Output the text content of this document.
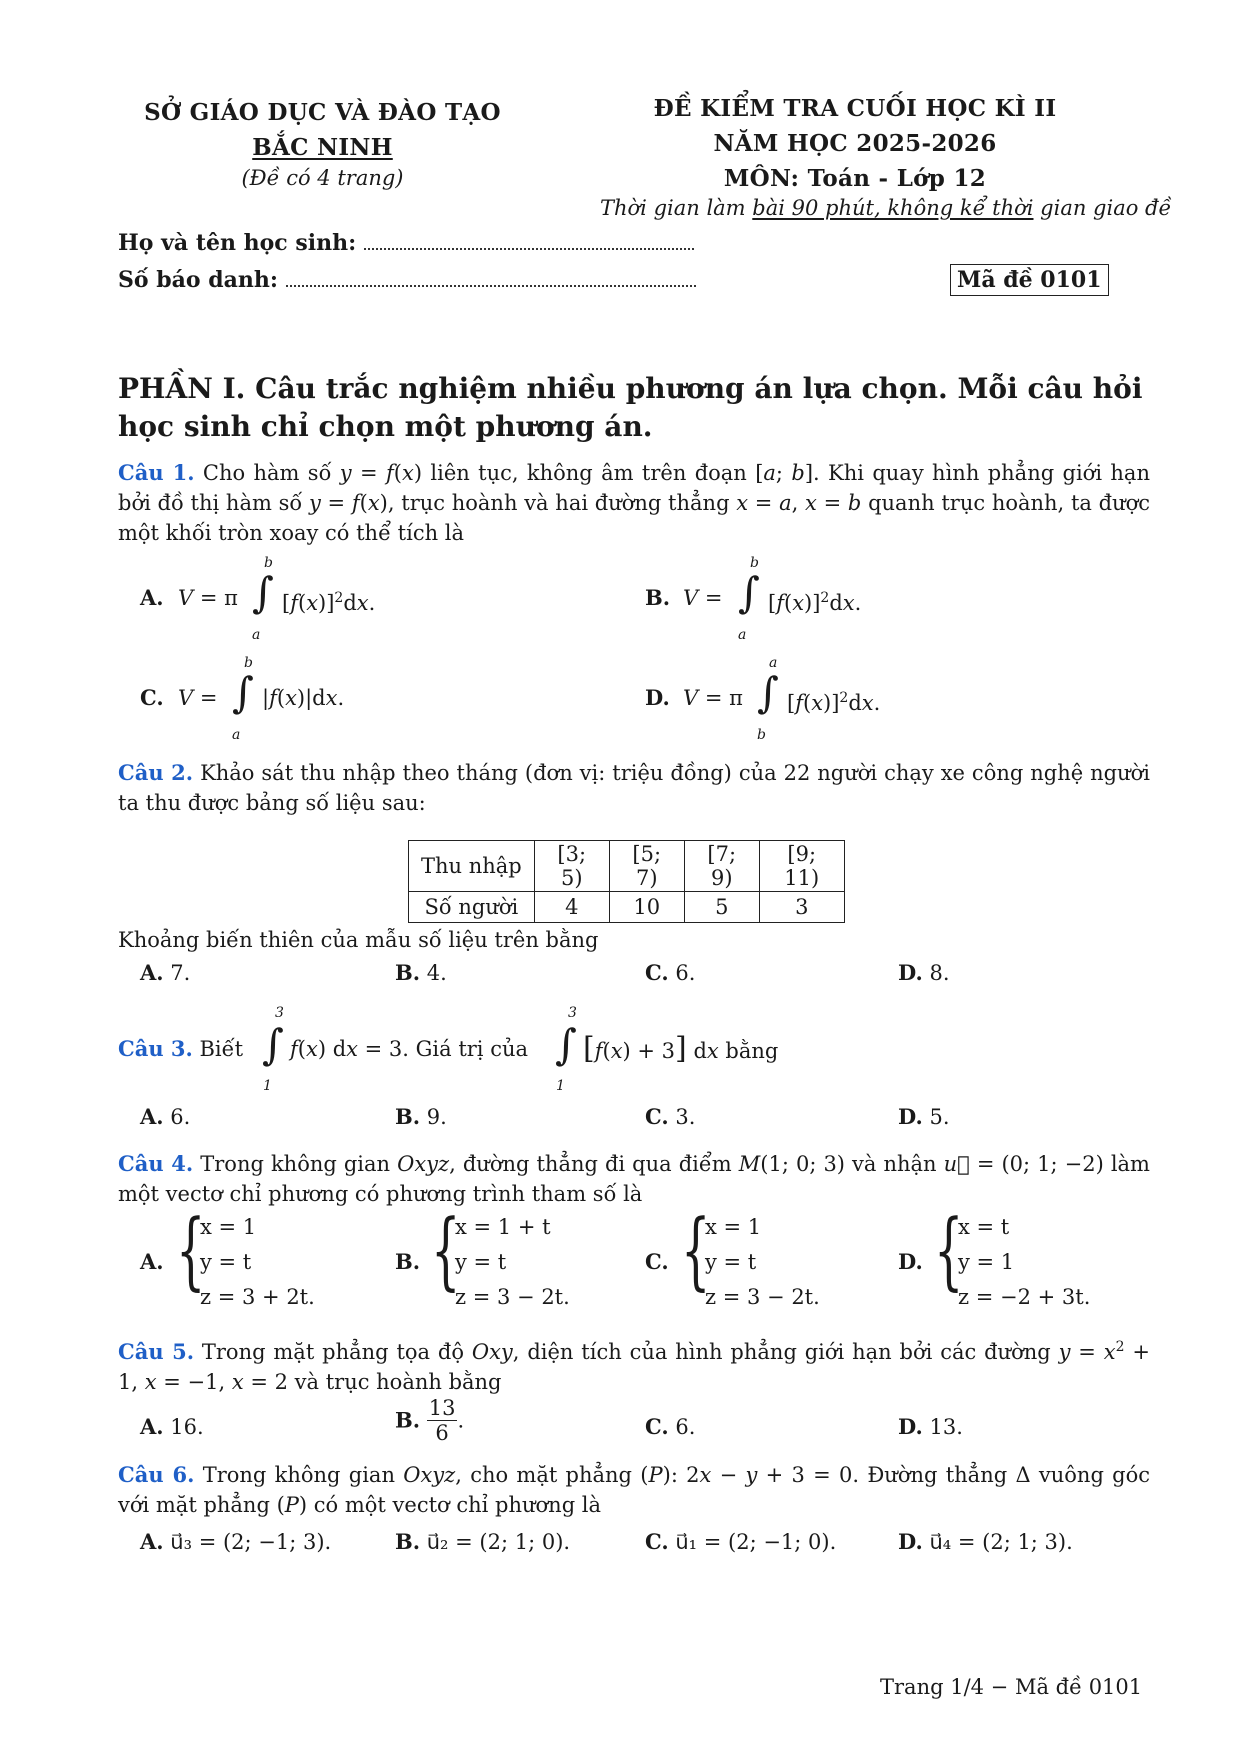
SỞ GIÁO DỤC VÀ ĐÀO TẠO
BẮC NINH
(Đề có 4 trang)
ĐỀ KIỂM TRA CUỐI HỌC KÌ II
NĂM HỌC 2025-2026
MÔN: Toán - Lớp 12
Thời gian làm bài 90 phút, không kể thời gian giao đề
Họ và tên học sinh:
Số báo danh:	Mã đề 0101
PHẦN I. Câu trắc nghiệm nhiều phương án lựa chọn. Mỗi câu hỏi học sinh chỉ chọn một phương án.
Câu 1. Cho hàm số y = f(x) liên tục, không âm trên đoạn [a; b]. Khi quay hình phẳng giới hạn bởi đồ thị hàm số y = f(x), trục hoành và hai đường thẳng x = a, x = b quanh trục hoành, ta được một khối tròn xoay có thể tích là
A. V = π ∫
b
a
$[f(x)]^2dx$.	B. V = ∫
b
a
$[f(x)]^2dx$.
C. V = ∫
b
a
|f(x)|dx.	D. V = π ∫
a
b
$[f(x)]^2dx$.
Câu 2. Khảo sát thu nhập theo tháng (đơn vị: triệu đồng) của 22 người chạy xe công nghệ người ta thu được bảng số liệu sau:
Thu nhập	[3; 5)	[5; 7)	[7; 9)	[9; 11)
Số người	4	10	5	3
Khoảng biến thiên của mẫu số liệu trên bằng
A. 7.	B. 4.	C. 6.	D. 8.
Câu 3. Biết ∫
3
1
f(x) dx = 3. Giá trị của ∫
3
1
[f(x) + 3] dx bằng
A. 6.	B. 9.	C. 3.	D. 5.
Câu 4. Trong không gian Oxyz, đường thẳng đi qua điểm M(1; 0; 3) và nhận u⃗ = (0; 1; −2) làm một vectơ chỉ phương có phương trình tham số là
A. {
x = 1
y = t
z = 3 + 2t.
B. {
x = 1 + t
y = t
z = 3 − 2t.
C. {
x = 1
y = t
z = 3 − 2t.
D. {
x = t
y = 1
z = −2 + 3t.
Câu 5. Trong mặt phẳng tọa độ Oxy, diện tích của hình phẳng giới hạn bởi các đường $y = x^2 + 1$, x = −1, x = 2 và trục hoành bằng
A. 16.	B. $\frac{13}{6}$ .	C. 6.	D. 13.
Câu 6. Trong không gian Oxyz, cho mặt phẳng (P): 2x − y + 3 = 0. Đường thẳng Δ vuông góc với mặt phẳng (P) có một vectơ chỉ phương là
A. u⃗₃ = (2; −1; 3).	B. u⃗₂ = (2; 1; 0).	C. u⃗₁ = (2; −1; 0).	D. u⃗₄ = (2; 1; 3).
Trang 1/4 − Mã đề 0101
